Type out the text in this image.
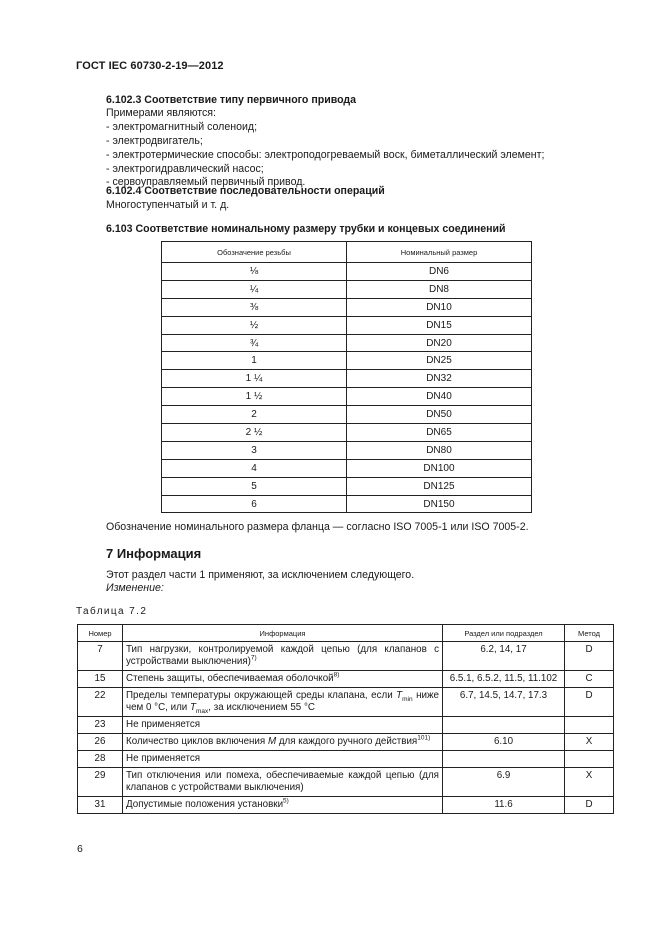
ГОСТ IEC 60730-2-19—2012
6.102.3 Соответствие типу первичного привода
Примерами являются:
- электромагнитный соленоид;
- электродвигатель;
- электротермические способы: электроподогреваемый воск, биметаллический элемент;
- электрогидравлический насос;
- сервоуправляемый первичный привод.
6.102.4 Соответствие последовательности операций
Многоступенчатый и т. д.
6.103 Соответствие номинальному размеру трубки и концевых соединений
Обозначение резьбы	Номинальный размер
⅛	DN6
¼	DN8
⅜	DN10
½	DN15
¾	DN20
1	DN25
1 ¼	DN32
1 ½	DN40
2	DN50
2 ½	DN65
3	DN80
4	DN100
5	DN125
6	DN150
Обозначение номинального размера фланца — согласно ISO 7005-1 или ISO 7005-2.
7 Информация
Этот раздел части 1 применяют, за исключением следующего.
Изменение:
Таблица 7.2
Номер	Информация	Раздел или подраздел	Метод
7	Тип нагрузки, контролируемой каждой цепью (для клапанов с устройствами выключения)$^{7)}$	6.2, 14, 17	D
15	Степень защиты, обеспечиваемая оболочкой$^{8)}$	6.5.1, 6.5.2, 11.5, 11.102	C
22	Пределы температуры окружающей среды клапана, если $T_{min}$ ниже чем 0 °C, или $T_{max}$, за исключением 55 °C	6.7, 14.5, 14.7, 17.3	D
23	Не применяется		
26	Количество циклов включения M для каждого ручного действия$^{101)}$	6.10	X
28	Не применяется		
29	Тип отключения или помеха, обеспечиваемые каждой цепью (для клапанов с устройствами выключения)	6.9	X
31	Допустимые положения установки$^{5)}$	11.6	D
6
